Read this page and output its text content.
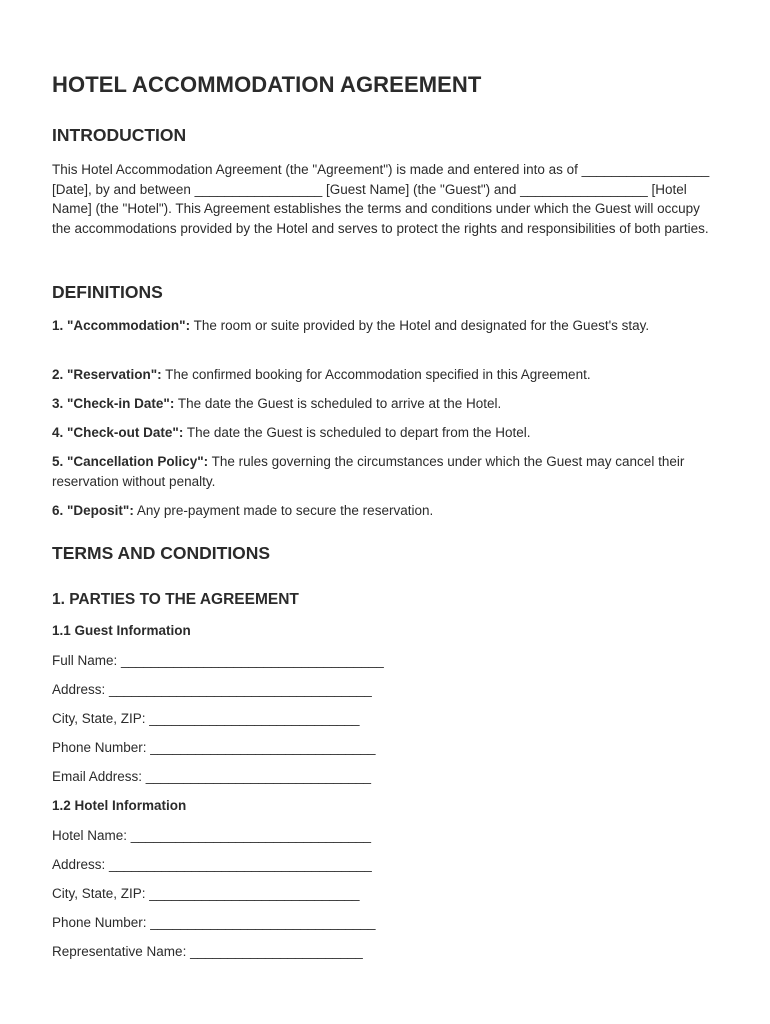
HOTEL ACCOMMODATION AGREEMENT
INTRODUCTION

This Hotel Accommodation Agreement (the "Agreement") is made and entered into as of _________________ [Date], by and between _________________ [Guest Name] (the "Guest") and _________________ [Hotel Name] (the "Hotel"). This Agreement establishes the terms and conditions under which the Guest will occupy the accommodations provided by the Hotel and serves to protect the rights and responsibilities of both parties.

DEFINITIONS

1. "Accommodation": The room or suite provided by the Hotel and designated for the Guest's stay.

2. "Reservation": The confirmed booking for Accommodation specified in this Agreement.

3. "Check-in Date": The date the Guest is scheduled to arrive at the Hotel.

4. "Check-out Date": The date the Guest is scheduled to depart from the Hotel.

5. "Cancellation Policy": The rules governing the circumstances under which the Guest may cancel their reservation without penalty.

6. "Deposit": Any pre-payment made to secure the reservation.

TERMS AND CONDITIONS
1. PARTIES TO THE AGREEMENT
1.1 Guest Information

Full Name: ___________________________________

Address: ___________________________________

City, State, ZIP: ____________________________

Phone Number: ______________________________

Email Address: ______________________________

1.2 Hotel Information

Hotel Name: ________________________________

Address: ___________________________________

City, State, ZIP: ____________________________

Phone Number: ______________________________

Representative Name: _______________________
